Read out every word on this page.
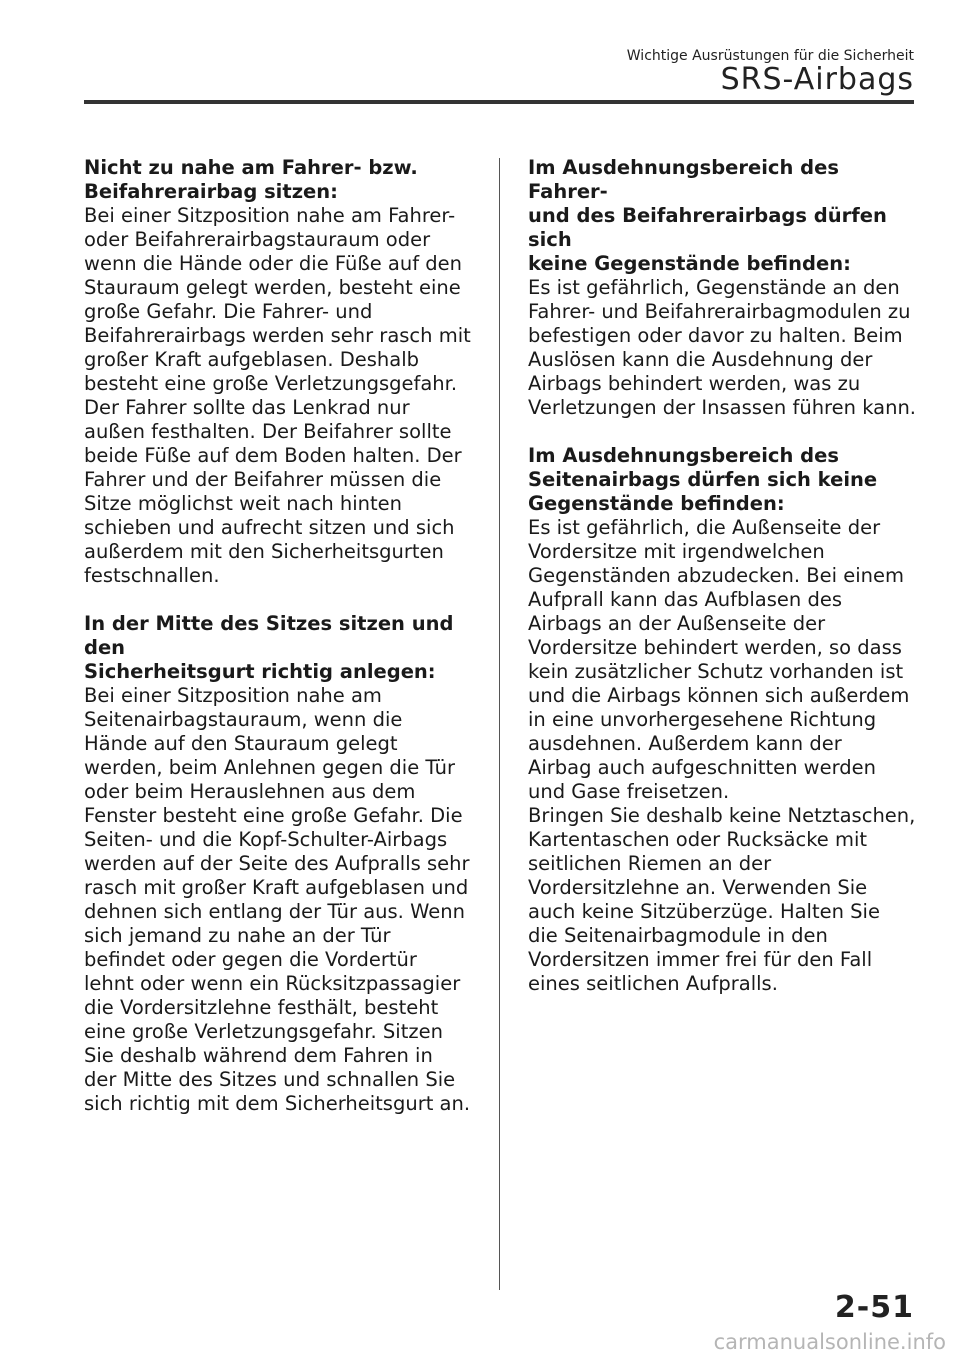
Wichtige Ausrüstungen für die Sicherheit
SRS-Airbags
Nicht zu nahe am Fahrer- bzw.
Beifahrerairbag sitzen:
Bei einer Sitzposition nahe am Fahrer-
oder Beifahrerairbagstauraum oder
wenn die Hände oder die Füße auf den
Stauraum gelegt werden, besteht eine
große Gefahr. Die Fahrer- und
Beifahrerairbags werden sehr rasch mit
großer Kraft aufgeblasen. Deshalb
besteht eine große Verletzungsgefahr.
Der Fahrer sollte das Lenkrad nur
außen festhalten. Der Beifahrer sollte
beide Füße auf dem Boden halten. Der
Fahrer und der Beifahrer müssen die
Sitze möglichst weit nach hinten
schieben und aufrecht sitzen und sich
außerdem mit den Sicherheitsgurten
festschnallen.
In der Mitte des Sitzes sitzen und den
Sicherheitsgurt richtig anlegen:
Bei einer Sitzposition nahe am
Seitenairbagstauraum, wenn die
Hände auf den Stauraum gelegt
werden, beim Anlehnen gegen die Tür
oder beim Herauslehnen aus dem
Fenster besteht eine große Gefahr. Die
Seiten- und die Kopf-Schulter-Airbags
werden auf der Seite des Aufpralls sehr
rasch mit großer Kraft aufgeblasen und
dehnen sich entlang der Tür aus. Wenn
sich jemand zu nahe an der Tür
befindet oder gegen die Vordertür
lehnt oder wenn ein Rücksitzpassagier
die Vordersitzlehne festhält, besteht
eine große Verletzungsgefahr. Sitzen
Sie deshalb während dem Fahren in
der Mitte des Sitzes und schnallen Sie
sich richtig mit dem Sicherheitsgurt an.
Im Ausdehnungsbereich des Fahrer-
und des Beifahrerairbags dürfen sich
keine Gegenstände befinden:
Es ist gefährlich, Gegenstände an den
Fahrer- und Beifahrerairbagmodulen zu
befestigen oder davor zu halten. Beim
Auslösen kann die Ausdehnung der
Airbags behindert werden, was zu
Verletzungen der Insassen führen kann.
Im Ausdehnungsbereich des
Seitenairbags dürfen sich keine
Gegenstände befinden:
Es ist gefährlich, die Außenseite der
Vordersitze mit irgendwelchen
Gegenständen abzudecken. Bei einem
Aufprall kann das Aufblasen des
Airbags an der Außenseite der
Vordersitze behindert werden, so dass
kein zusätzlicher Schutz vorhanden ist
und die Airbags können sich außerdem
in eine unvorhergesehene Richtung
ausdehnen. Außerdem kann der
Airbag auch aufgeschnitten werden
und Gase freisetzen.
Bringen Sie deshalb keine Netztaschen,
Kartentaschen oder Rucksäcke mit
seitlichen Riemen an der
Vordersitzlehne an. Verwenden Sie
auch keine Sitzüberzüge. Halten Sie
die Seitenairbagmodule in den
Vordersitzen immer frei für den Fall
eines seitlichen Aufpralls.
2-51
carmanualsonline.info
